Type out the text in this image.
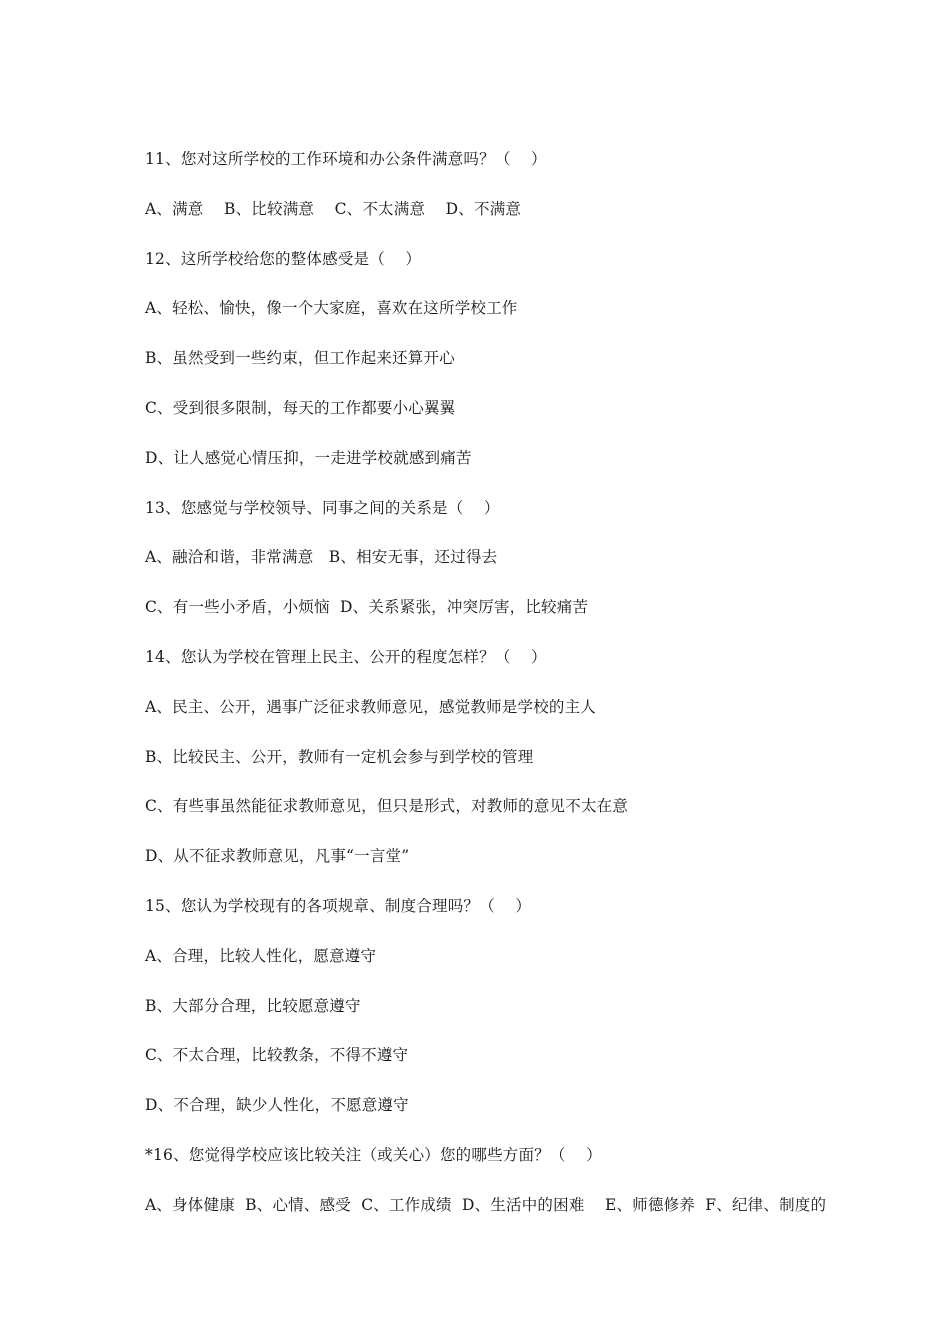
11、您对这所学校的工作环境和办公条件满意吗？（    ）
A、满意    B、比较满意    C、不太满意    D、不满意
12、这所学校给您的整体感受是（    ）
A、轻松、愉快，像一个大家庭，喜欢在这所学校工作
B、虽然受到一些约束，但工作起来还算开心
C、受到很多限制，每天的工作都要小心翼翼
D、让人感觉心情压抑，一走进学校就感到痛苦
13、您感觉与学校领导、同事之间的关系是（    ）
A、融洽和谐，非常满意   B、相安无事，还过得去
C、有一些小矛盾，小烦恼  D、关系紧张，冲突厉害，比较痛苦
14、您认为学校在管理上民主、公开的程度怎样？（    ）
A、民主、公开，遇事广泛征求教师意见，感觉教师是学校的主人
B、比较民主、公开，教师有一定机会参与到学校的管理
C、有些事虽然能征求教师意见，但只是形式，对教师的意见不太在意
D、从不征求教师意见，凡事“一言堂”
15、您认为学校现有的各项规章、制度合理吗？（    ）
A、合理，比较人性化，愿意遵守
B、大部分合理，比较愿意遵守
C、不太合理，比较教条，不得不遵守
D、不合理，缺少人性化，不愿意遵守
*16、您觉得学校应该比较关注（或关心）您的哪些方面？（    ）
A、身体健康  B、心情、感受  C、工作成绩  D、生活中的困难    E、师德修养  F、纪律、制度的
